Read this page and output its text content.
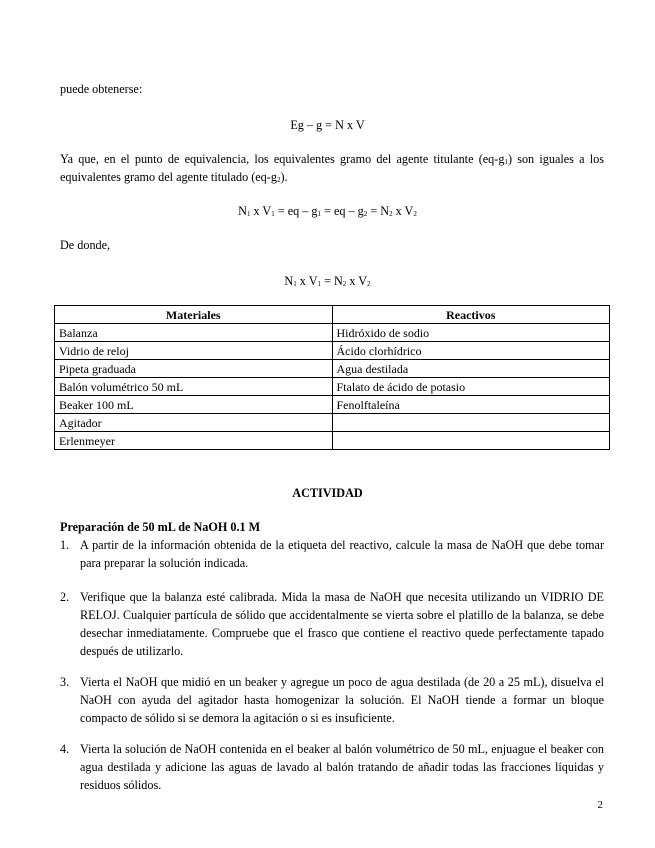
puede obtenerse:
Eg – g = N x V
Ya que, en el punto de equivalencia, los equivalentes gramo del agente titulante $(eq-g_1)$ son iguales a los equivalentes gramo del agente titulado $(eq-g_2)$.
$N_1$ x $V_1$ = eq – $g_1$ = eq – $g_2 = N_2$ x $V_2$
De donde,
$N_1$ x $V_1 = N_2$ x $V_2$
Materiales	Reactivos
Balanza	Hidróxido de sodio
Vidrio de reloj	Ácido clorhídrico
Pipeta graduada	Agua destilada
Balón volumétrico 50 mL	Ftalato de ácido de potasio
Beaker 100 mL	Fenolftaleína
Agitador	
Erlenmeyer	
ACTIVIDAD
Preparación de 50 mL de NaOH 0.1 M
1. A partir de la información obtenida de la etiqueta del reactivo, calcule la masa de NaOH que debe tomar para preparar la solución indicada.
2. Verifique que la balanza esté calibrada. Mida la masa de NaOH que necesita utilizando un VIDRIO DE RELOJ. Cualquier partícula de sólido que accidentalmente se vierta sobre el platillo de la balanza, se debe desechar inmediatamente. Compruebe que el frasco que contiene el reactivo quede perfectamente tapado después de utilizarlo.
3. Vierta el NaOH que midió en un beaker y agregue un poco de agua destilada (de 20 a 25 mL), disuelva el NaOH con ayuda del agitador hasta homogenizar la solución. El NaOH tiende a formar un bloque compacto de sólido si se demora la agitación o si es insuficiente.
4. Vierta la solución de NaOH contenida en el beaker al balón volumétrico de 50 mL, enjuague el beaker con agua destilada y adicione las aguas de lavado al balón tratando de añadir todas las fracciones líquidas y residuos sólidos.
2
